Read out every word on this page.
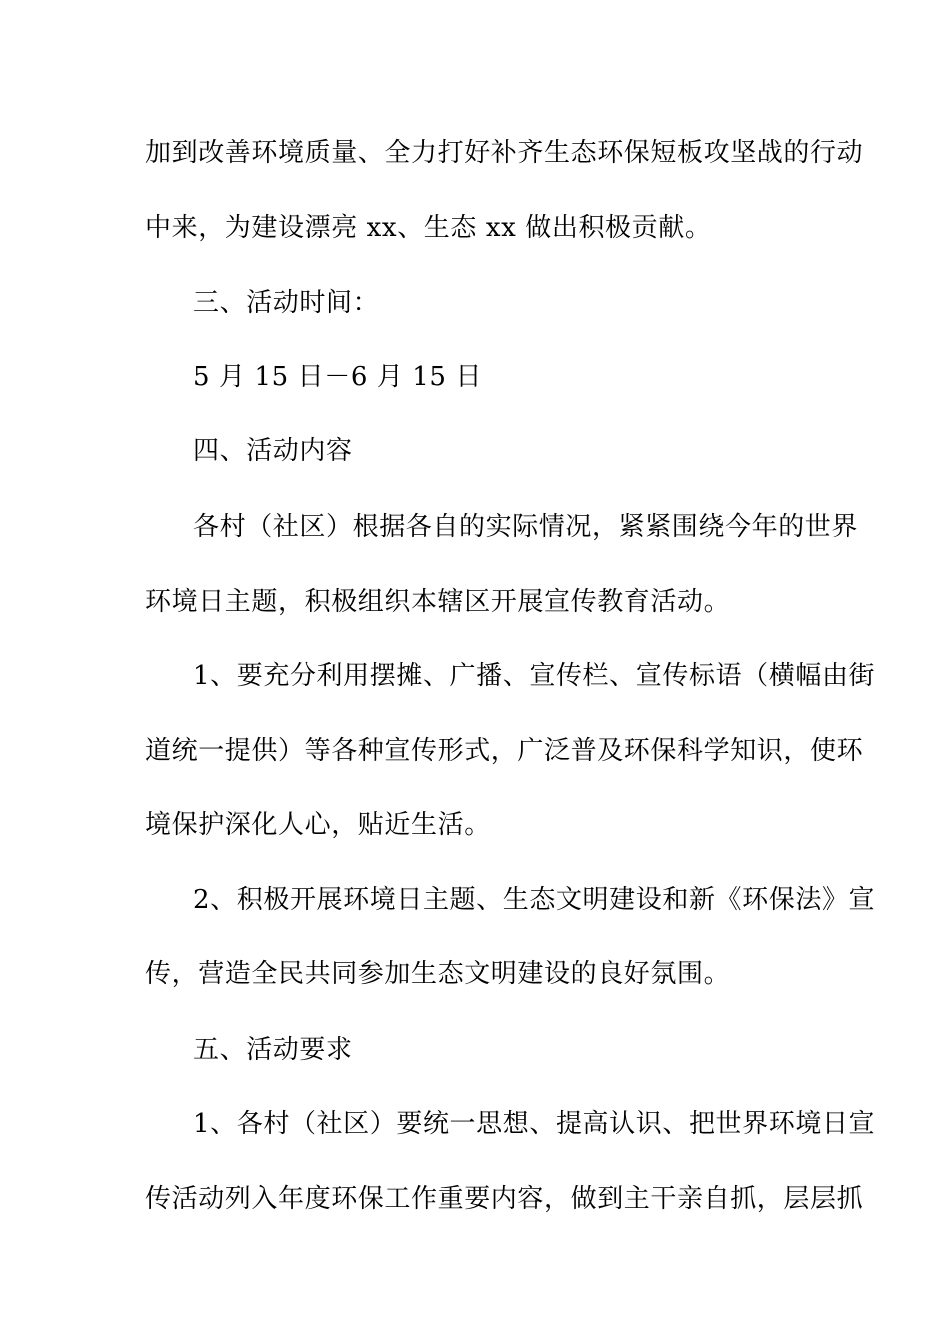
加到改善环境质量、全力打好补齐生态环保短板攻坚战的行动
中来，为建设漂亮 xx、生态 xx 做出积极贡献。
三、活动时间：
5 月 15 日－6 月 15 日
四、活动内容
各村（社区）根据各自的实际情况，紧紧围绕今年的世界
环境日主题，积极组织本辖区开展宣传教育活动。
1、要充分利用摆摊、广播、宣传栏、宣传标语（横幅由街
道统一提供）等各种宣传形式，广泛普及环保科学知识，使环
境保护深化人心，贴近生活。
2、积极开展环境日主题、生态文明建设和新《环保法》宣
传，营造全民共同参加生态文明建设的良好氛围。
五、活动要求
1、各村（社区）要统一思想、提高认识、把世界环境日宣
传活动列入年度环保工作重要内容，做到主干亲自抓，层层抓
